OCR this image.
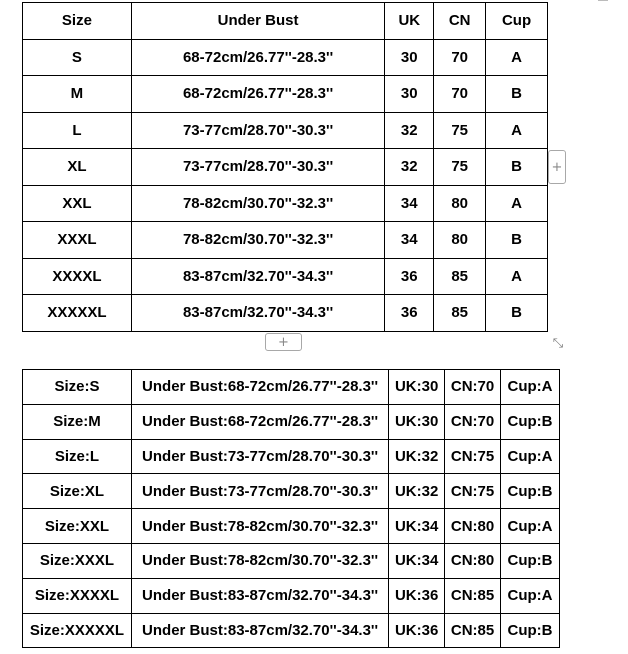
Size	Under Bust	UK	CN	Cup
S	68-72cm/26.77''-28.3''	30	70	A
M	68-72cm/26.77''-28.3''	30	70	B
L	73-77cm/28.70''-30.3''	32	75	A
XL	73-77cm/28.70''-30.3''	32	75	B
XXL	78-82cm/30.70''-32.3''	34	80	A
XXXL	78-82cm/30.70''-32.3''	34	80	B
XXXXL	83-87cm/32.70''-34.3''	36	85	A
XXXXXL	83-87cm/32.70''-34.3''	36	85	B
+
+	⤡
Size:S	Under Bust:68-72cm/26.77''-28.3''	UK:30	CN:70	Cup:A
Size:M	Under Bust:68-72cm/26.77''-28.3''	UK:30	CN:70	Cup:B
Size:L	Under Bust:73-77cm/28.70''-30.3''	UK:32	CN:75	Cup:A
Size:XL	Under Bust:73-77cm/28.70''-30.3''	UK:32	CN:75	Cup:B
Size:XXL	Under Bust:78-82cm/30.70''-32.3''	UK:34	CN:80	Cup:A
Size:XXXL	Under Bust:78-82cm/30.70''-32.3''	UK:34	CN:80	Cup:B
Size:XXXXL	Under Bust:83-87cm/32.70''-34.3''	UK:36	CN:85	Cup:A
Size:XXXXXL	Under Bust:83-87cm/32.70''-34.3''	UK:36	CN:85	Cup:B
